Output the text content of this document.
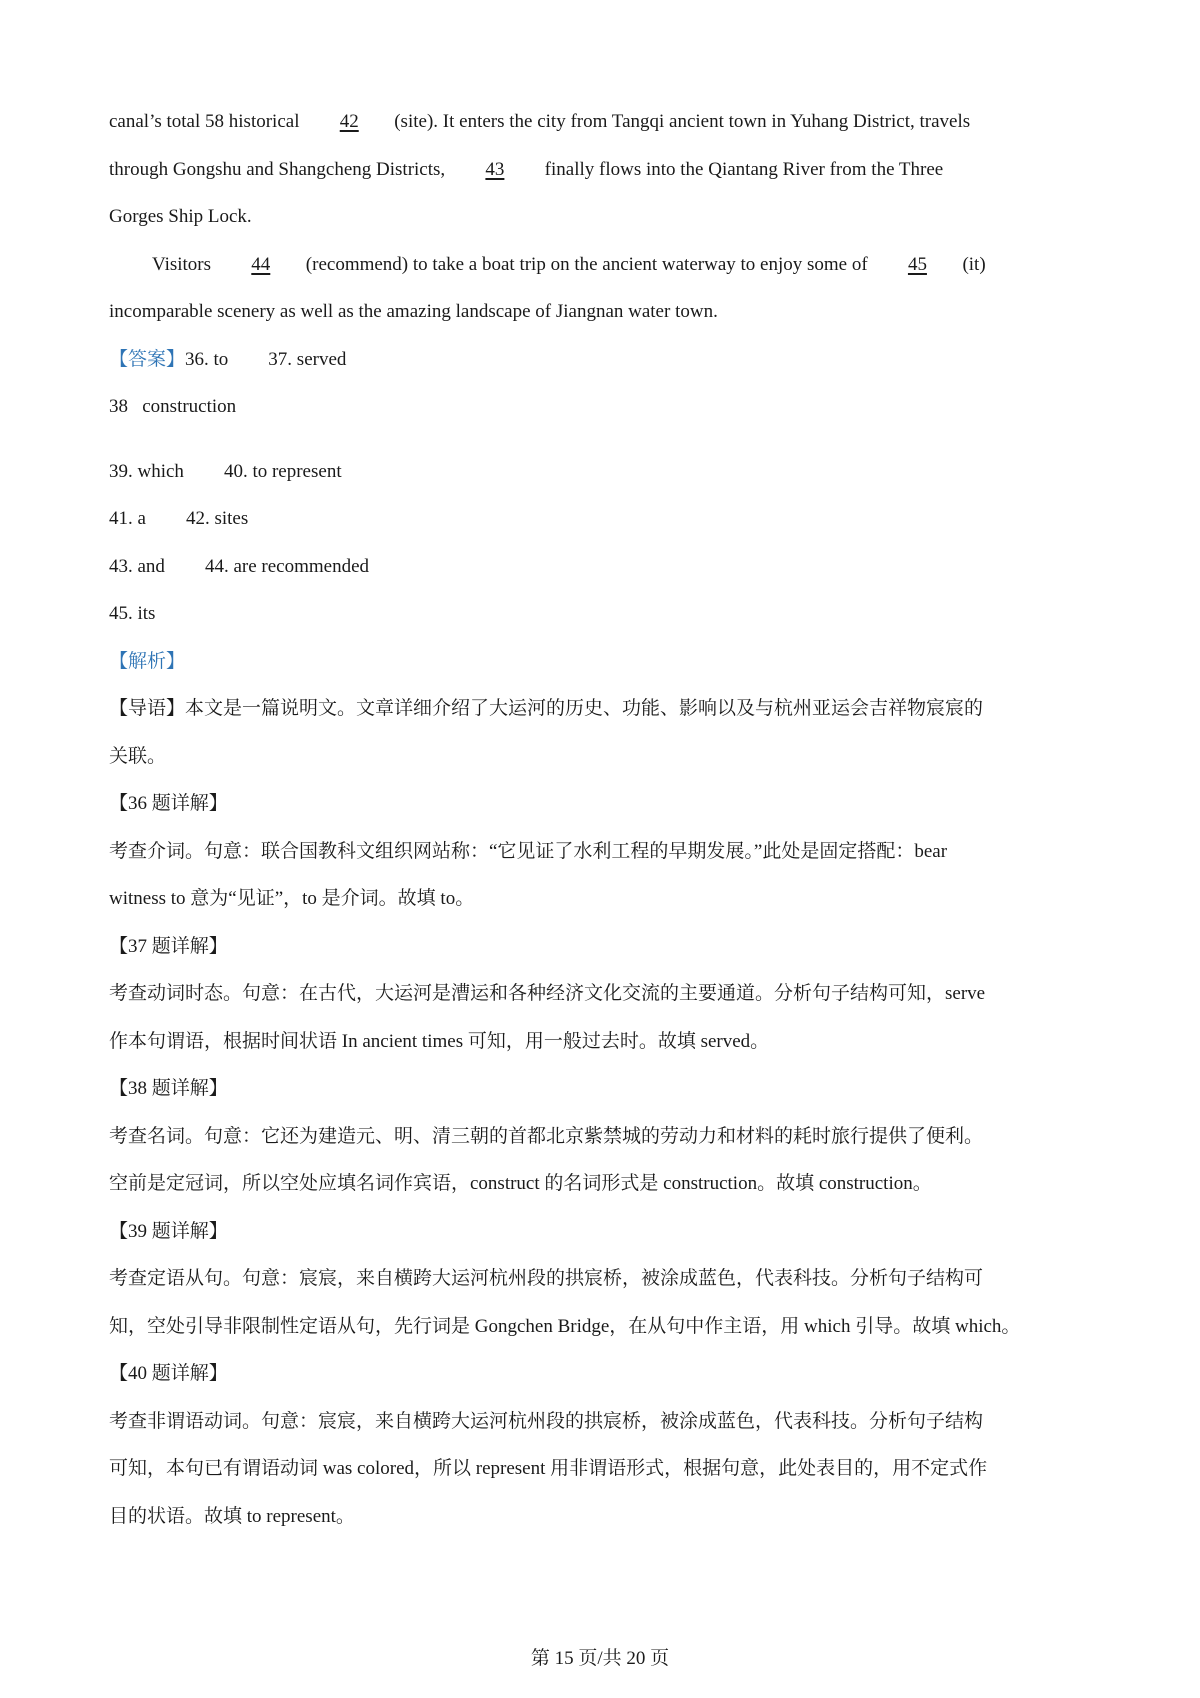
canal’s total 58 historical 42 (site). It enters the city from Tangqi ancient town in Yuhang District, travels
through Gongshu and Shangcheng Districts, 43 finally flows into the Qiantang River from the Three
Gorges Ship Lock.
Visitors 44 (recommend) to take a boat trip on the ancient waterway to enjoy some of 45 (it)
incomparable scenery as well as the amazing landscape of Jiangnan water town.
【答案】36. to 37. served
38   construction
39. which 40. to represent
41. a 42. sites
43. and 44. are recommended
45. its
【解析】
【导语】本文是一篇说明文。文章详细介绍了大运河的历史、功能、影响以及与杭州亚运会吉祥物宸宸的
关联。
【36 题详解】
考查介词。句意：联合国教科文组织网站称：“它见证了水利工程的早期发展。”此处是固定搭配：bear
witness to 意为“见证”，to 是介词。故填 to。
【37 题详解】
考查动词时态。句意：在古代，大运河是漕运和各种经济文化交流的主要通道。分析句子结构可知，serve
作本句谓语，根据时间状语 In ancient times 可知，用一般过去时。故填 served。
【38 题详解】
考查名词。句意：它还为建造元、明、清三朝的首都北京紫禁城的劳动力和材料的耗时旅行提供了便利。
空前是定冠词，所以空处应填名词作宾语，construct 的名词形式是 construction。故填 construction。
【39 题详解】
考查定语从句。句意：宸宸，来自横跨大运河杭州段的拱宸桥，被涂成蓝色，代表科技。分析句子结构可
知，空处引导非限制性定语从句，先行词是 Gongchen Bridge，在从句中作主语，用 which 引导。故填 which。
【40 题详解】
考查非谓语动词。句意：宸宸，来自横跨大运河杭州段的拱宸桥，被涂成蓝色，代表科技。分析句子结构
可知，本句已有谓语动词 was colored，所以 represent 用非谓语形式，根据句意，此处表目的，用不定式作
目的状语。故填 to represent。
第 15 页/共 20 页
